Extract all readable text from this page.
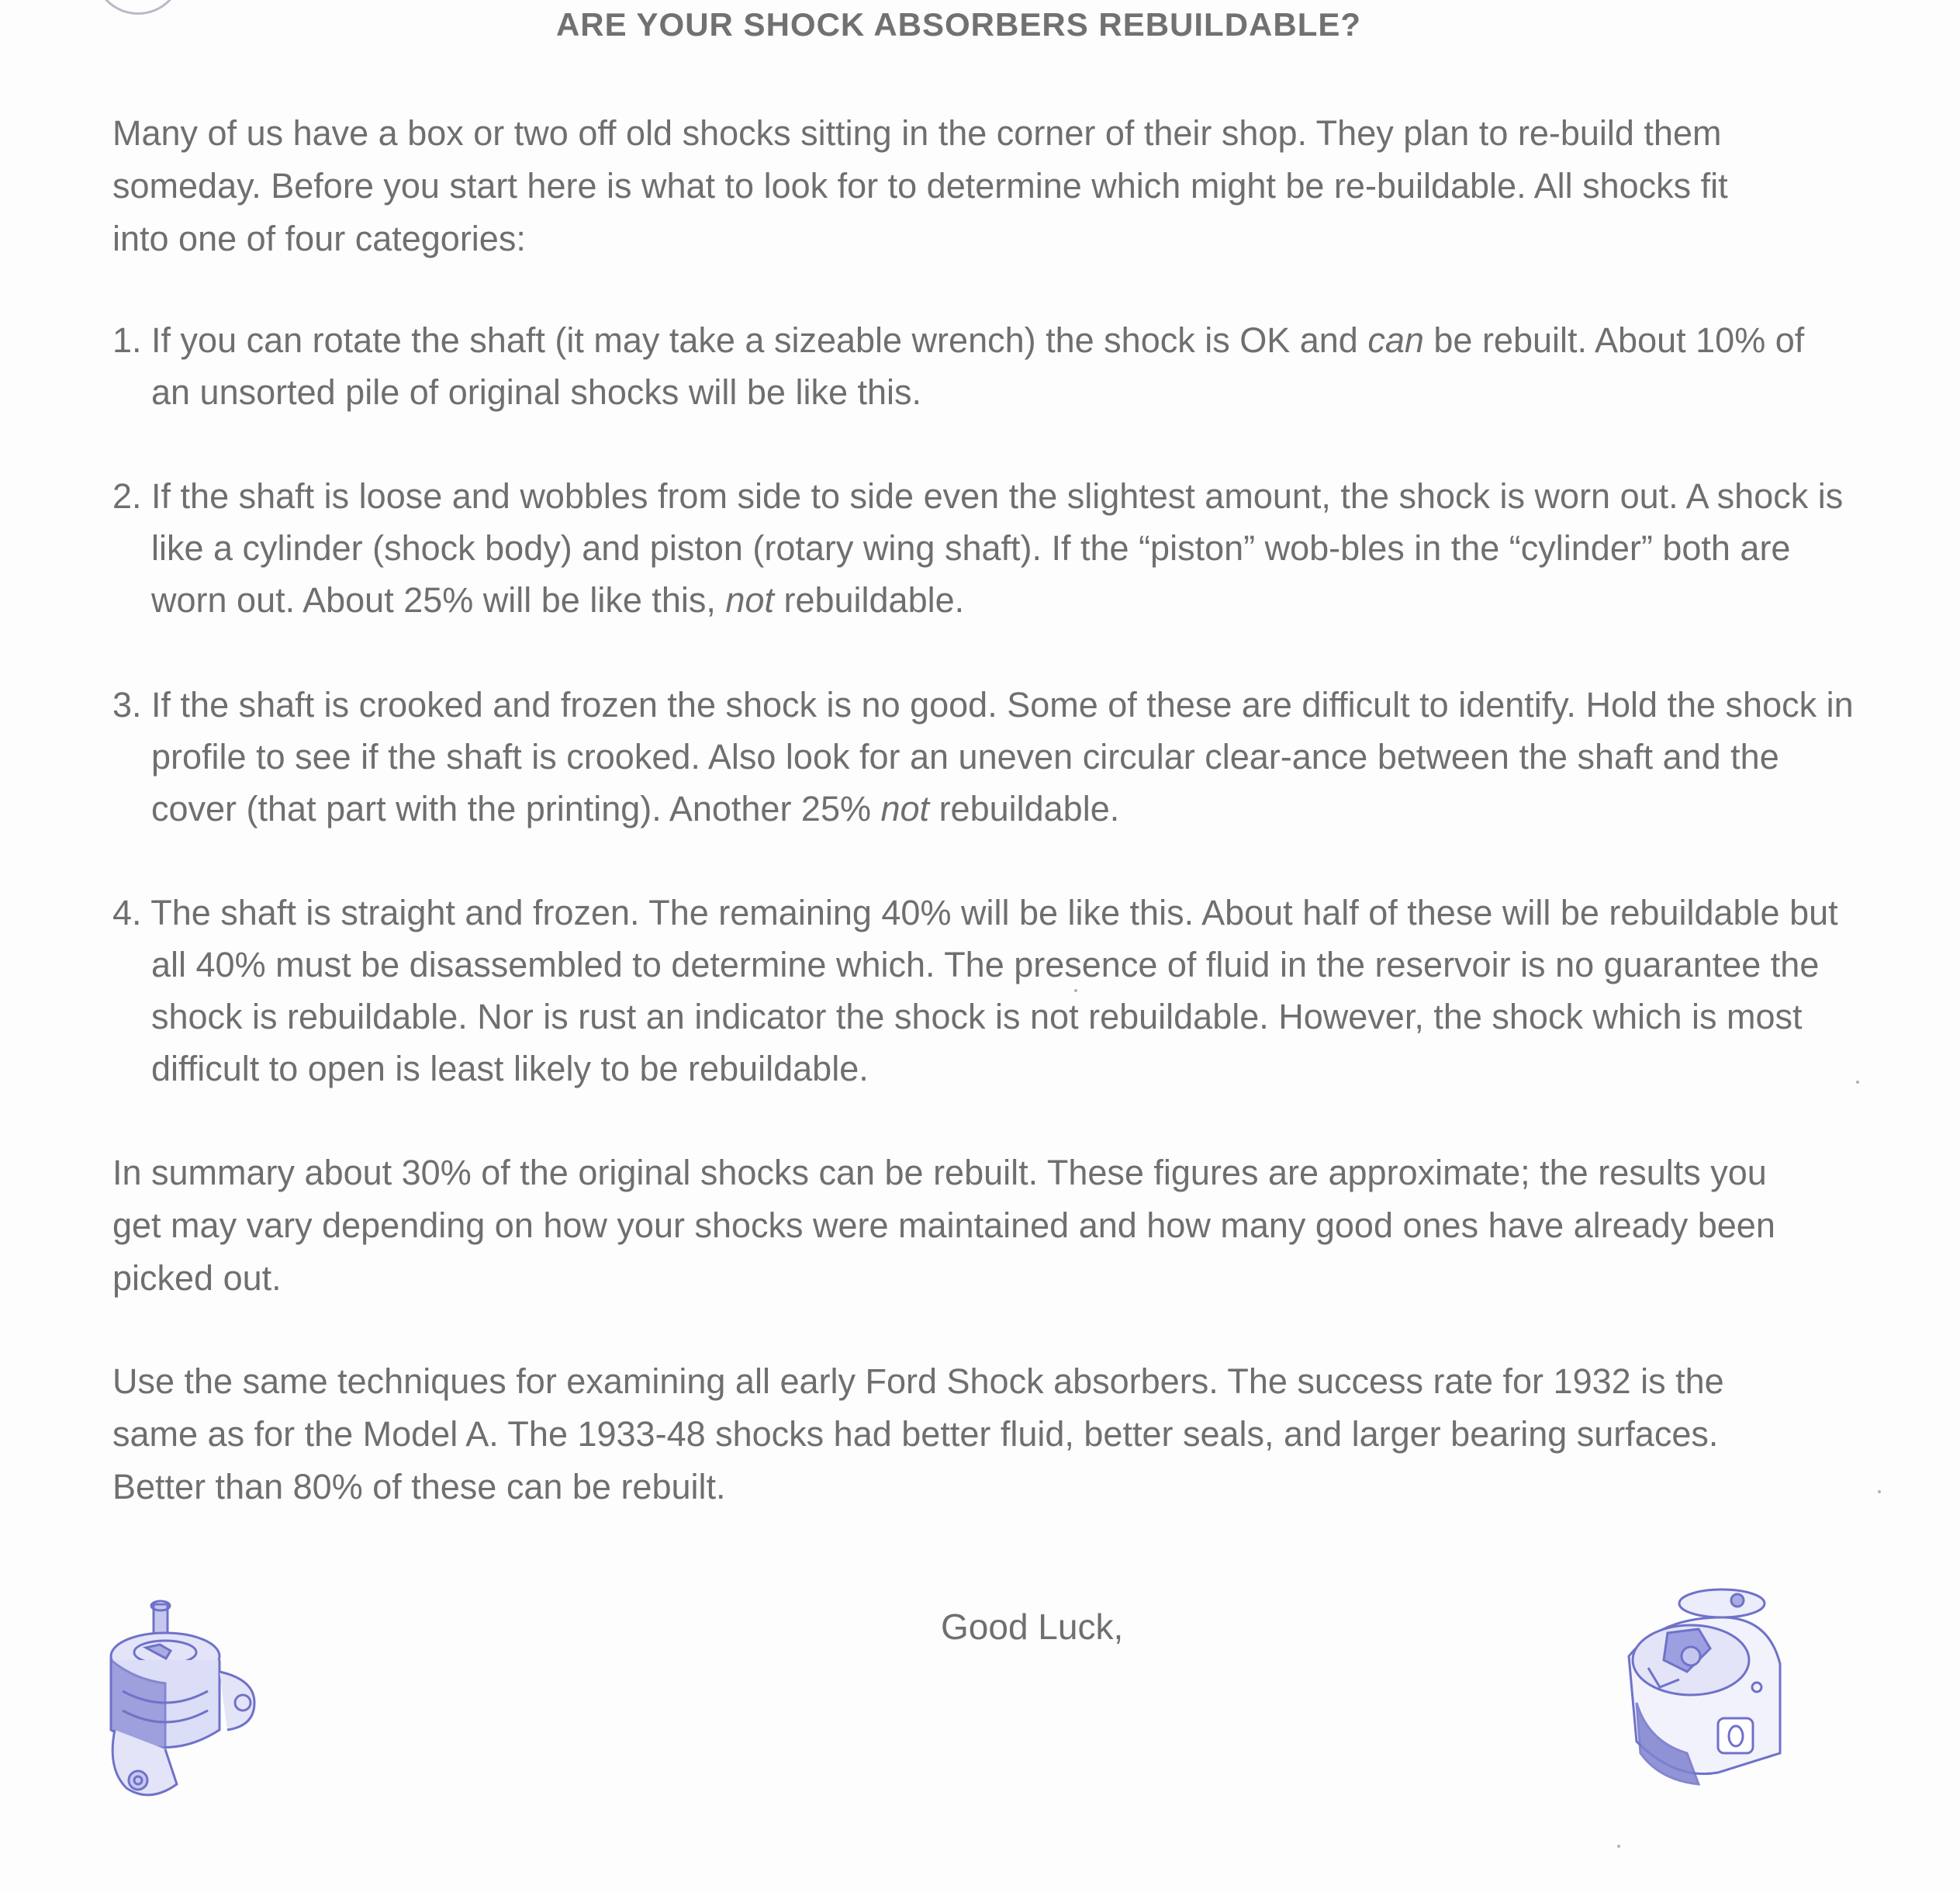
ARE YOUR SHOCK ABSORBERS REBUILDABLE?

Many of us have a box or two off old shocks sitting in the corner of their shop. They plan to re-build them someday. Before you start here is what to look for to determine which might be re-buildable. All shocks fit into one of four categories:

1. If you can rotate the shaft (it may take a sizeable wrench) the shock is OK and can be rebuilt. About 10% of an unsorted pile of original shocks will be like this.

2. If the shaft is loose and wobbles from side to side even the slightest amount, the shock is worn out. A shock is like a cylinder (shock body) and piston (rotary wing shaft). If the “piston” wob-bles in the “cylinder” both are worn out. About 25% will be like this, not rebuildable.

3. If the shaft is crooked and frozen the shock is no good. Some of these are difficult to identify. Hold the shock in profile to see if the shaft is crooked. Also look for an uneven circular clear-ance between the shaft and the cover (that part with the printing). Another 25% not rebuildable.

4. The shaft is straight and frozen. The remaining 40% will be like this. About half of these will be rebuildable but all 40% must be disassembled to determine which. The presence of fluid in the reservoir is no guarantee the shock is rebuildable. Nor is rust an indicator the shock is not rebuildable. However, the shock which is most difficult to open is least likely to be rebuildable.

In summary about 30% of the original shocks can be rebuilt. These figures are approximate; the results you get may vary depending on how your shocks were maintained and how many good ones have already been picked out.

Use the same techniques for examining all early Ford Shock absorbers. The success rate for 1932 is the same as for the Model A. The 1933-48 shocks had better fluid, better seals, and larger bearing surfaces. Better than 80% of these can be rebuilt.

Good Luck,
